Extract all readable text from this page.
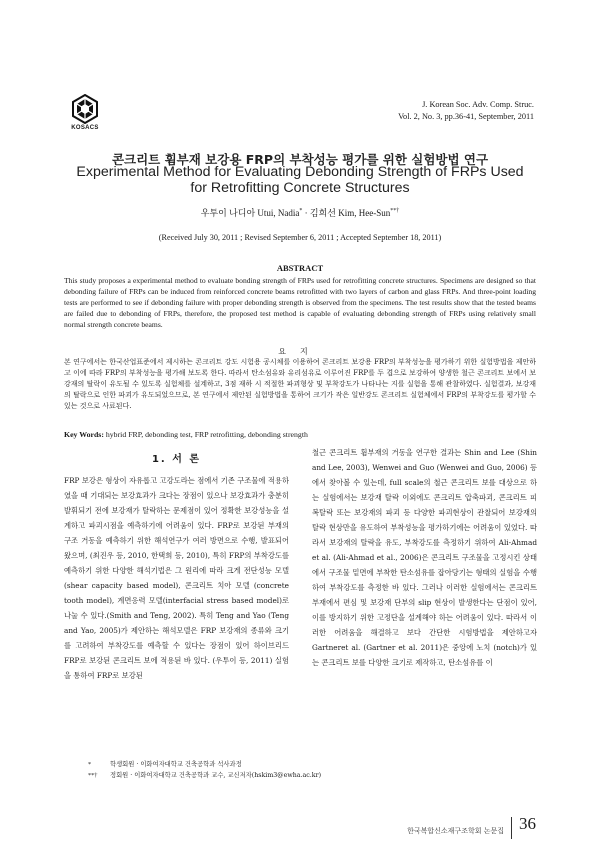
KOSACS
J. Korean Soc. Adv. Comp. Struc.
Vol. 2, No. 3, pp.36-41, September, 2011
콘크리트 휨부재 보강용 FRP의 부착성능 평가를 위한 실험방법 연구
Experimental Method for Evaluating Debonding Strength of FRPs Used
for Retrofitting Concrete Structures
우투이 나디아 Utui, Nadia* · 김희선 Kim, Hee-Sun**†
(Received July 30, 2011 ; Revised September 6, 2011 ; Accepted September 18, 2011)
ABSTRACT
This study proposes a experimental method to evaluate bonding strength of FRPs used for retrofitting concrete structures. Specimens are designed so that debonding failure of FRPs can be induced from reinforced concrete beams retrofitted with two layers of carbon and glass FRPs. And three-point loading tests are performed to see if debonding failure with proper debonding strength is observed from the specimens. The test results show that the tested beams are failed due to debonding of FRPs, therefore, the proposed test method is capable of evaluating debonding strength of FRPs using relatively small normal strength concrete beams.
요지
본 연구에서는 한국산업표준에서 제시하는 콘크리트 강도 시험용 공시체를 이용하여 콘크리트 보강용 FRP의 부착성능을 평가하기 위한 실험방법을 제안하고 이에 따라 FRP의 부착성능을 평가해 보도록 한다. 따라서 탄소섬유와 유리섬유로 이루어진 FRP를 두 겹으로 보강하여 양생한 철근 콘크리트 보에서 보강재의 탈락이 유도될 수 있도록 실험체를 설계하고, 3점 재하 시 적절한 파괴형상 및 부착강도가 나타나는 지를 실험을 통해 관찰하였다. 실험결과, 보강재의 탈락으로 인한 파괴가 유도되었으므로, 본 연구에서 제안된 실험방법을 통하여 크기가 작은 일반강도 콘크리트 실험체에서 FRP의 부착강도를 평가할 수 있는 것으로 사료된다.
Key Words: hybrid FRP, debonding test, FRP retrofitting, debonding strength
1. 서 론
FRP 보강은 형상이 자유롭고 고강도라는 점에서 기존 구조물에 적용하였을 때 기대되는 보강효과가 크다는 장점이 있으나 보강효과가 충분히 발휘되기 전에 보강재가 탈락하는 문제점이 있어 정확한 보강성능을 설계하고 파괴시점을 예측하기에 어려움이 있다. FRP로 보강된 부재의 구조 거동을 예측하기 위한 해석연구가 여러 방면으로 수행, 발표되어 왔으며, (최진우 등, 2010, 한택희 등, 2010), 특히 FRP의 부착강도를 예측하기 위한 다양한 해석기법은 그 원리에 따라 크게 전단성능 모델 (shear capacity based model), 콘크리트 치아 모델 (concrete tooth model), 계면응력 모델(interfacial stress based model)로 나눌 수 있다.(Smith and Teng, 2002). 특히 Teng and Yao (Teng and Yao, 2005)가 제안하는 해석모델은 FRP 보강재의 종류와 크기를 고려하여 부착강도를 예측할 수 있다는 장점이 있어 하이브리드 FRP로 보강된 콘크리트 보에 적용된 바 있다. (우투이 등, 2011) 실험을 통하여 FRP로 보강된
철근 콘크리트 휨부재의 거동을 연구한 결과는 Shin and Lee (Shin and Lee, 2003), Wenwei and Guo (Wenwei and Guo, 2006) 등에서 찾아볼 수 있는데, full scale의 철근 콘크리트 보를 대상으로 하는 실험에서는 보강재 탈락 이외에도 콘크리트 압축파괴, 콘크리트 피복탈락 또는 보강재의 파괴 등 다양한 파괴현상이 관찰되어 보강재의 탈락 현상만을 유도하여 부착성능을 평가하기에는 어려움이 있었다. 따라서 보강재의 탈락을 유도, 부착강도를 측정하기 위하여 Ali-Ahmad et al. (Ali-Ahmad et al., 2006)은 콘크리트 구조물을 고정시킨 상태에서 구조물 밑면에 부착한 탄소섬유를 잡아당기는 형태의 실험을 수행하여 부착강도를 측정한 바 있다. 그러나 이러한 실험에서는 콘크리트 부재에서 편심 및 보강재 단부의 slip 현상이 발생한다는 단점이 있어, 이를 방지하기 위한 고정단을 설계해야 하는 어려움이 있다. 따라서 이러한 어려움을 해결하고 보다 간단한 시험방법을 제안하고자 Gartneret al. (Gartner et al. 2011)은 중앙에 노치 (notch)가 있는 콘크리트 보를 다양한 크기로 제작하고, 탄소섬유를 이
한국복합신소재구조학회 논문집 36
*	학생회원 · 이화여자대학교 건축공학과 석사과정
**† 정회원 · 이화여자대학교 건축공학과 교수, 교신저자(hskim3@ewha.ac.kr)
